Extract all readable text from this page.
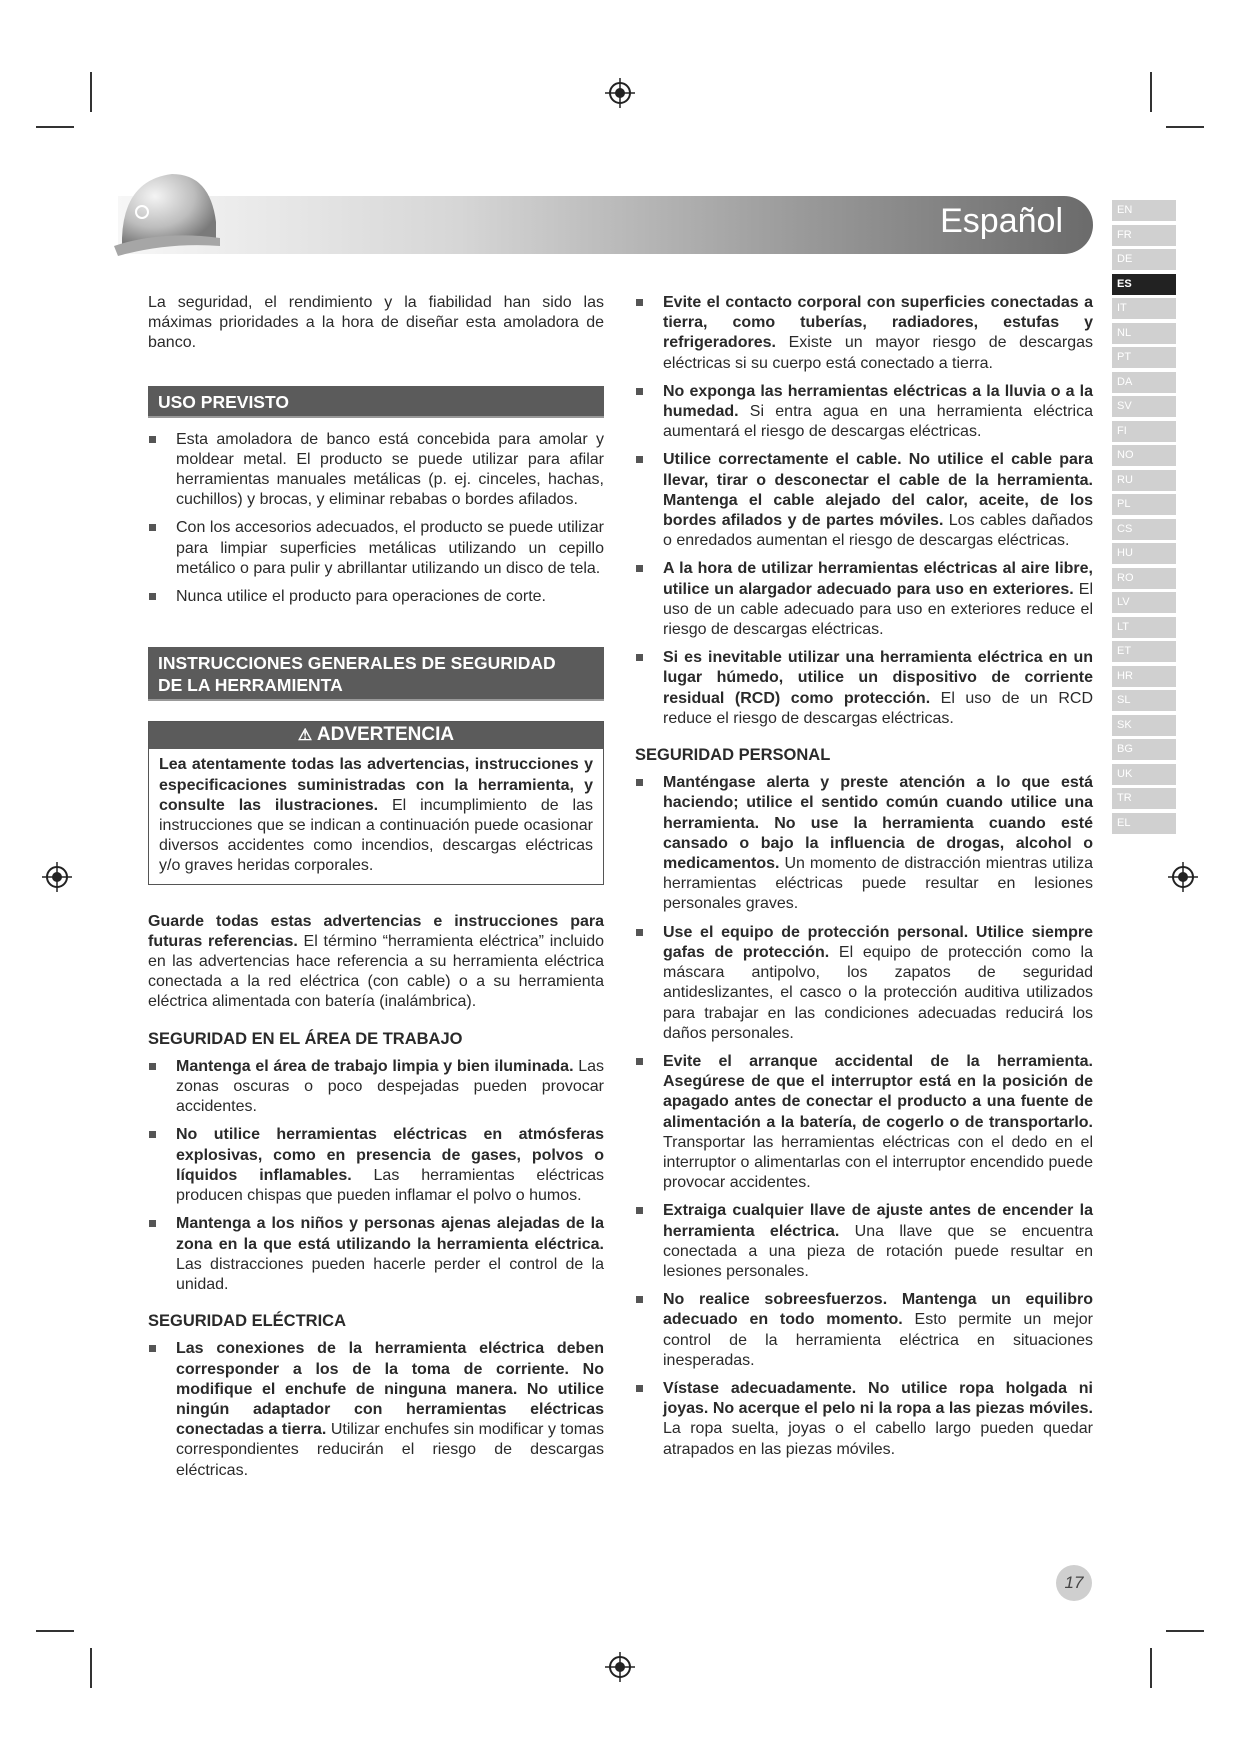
Español	EN
FR
DE
ES
IT
NL
PT
DA
SV
FI
NO
RU
PL
CS
HU
RO
LV
LT
ET
HR
SL
SK
BG
UK
TR
EL

La seguridad, el rendimiento y la fiabilidad han sido las máximas prioridades a la hora de diseñar esta amoladora de banco.

USO PREVISTO
Esta amoladora de banco está concebida para amolar y moldear metal. El producto se puede utilizar para afilar herramientas manuales metálicas (p. ej. cinceles, hachas, cuchillos) y brocas, y eliminar rebabas o bordes afilados.
Con los accesorios adecuados, el producto se puede utilizar para limpiar superficies metálicas utilizando un cepillo metálico o para pulir y abrillantar utilizando un disco de tela.
Nunca utilice el producto para operaciones de corte.
INSTRUCCIONES GENERALES DE SEGURIDAD
DE LA HERRAMIENTA
⚠ ADVERTENCIA
Lea atentamente todas las advertencias, instrucciones y especificaciones suministradas con la herramienta, y consulte las ilustraciones. El incumplimiento de las instrucciones que se indican a continuación puede ocasionar diversos accidentes como incendios, descargas eléctricas y/o graves heridas corporales.

Guarde todas estas advertencias e instrucciones para futuras referencias. El término “herramienta eléctrica” incluido en las advertencias hace referencia a su herramienta eléctrica conectada a la red eléctrica (con cable) o a su herramienta eléctrica alimentada con batería (inalámbrica).

SEGURIDAD EN EL ÁREA DE TRABAJO

Mantenga el área de trabajo limpia y bien iluminada. Las zonas oscuras o poco despejadas pueden provocar accidentes.
No utilice herramientas eléctricas en atmósferas explosivas, como en presencia de gases, polvos o líquidos inflamables. Las herramientas eléctricas producen chispas que pueden inflamar el polvo o humos.
Mantenga a los niños y personas ajenas alejadas de la zona en la que está utilizando la herramienta eléctrica. Las distracciones pueden hacerle perder el control de la unidad.

SEGURIDAD ELÉCTRICA

Las conexiones de la herramienta eléctrica deben corresponder a los de la toma de corriente. No modifique el enchufe de ninguna manera. No utilice ningún adaptador con herramientas eléctricas conectadas a tierra. Utilizar enchufes sin modificar y tomas correspondientes reducirán el riesgo de descargas eléctricas.
Evite el contacto corporal con superficies conectadas a tierra, como tuberías, radiadores, estufas y refrigeradores. Existe un mayor riesgo de descargas eléctricas si su cuerpo está conectado a tierra.
No exponga las herramientas eléctricas a la lluvia o a la humedad. Si entra agua en una herramienta eléctrica aumentará el riesgo de descargas eléctricas.
Utilice correctamente el cable. No utilice el cable para llevar, tirar o desconectar el cable de la herramienta. Mantenga el cable alejado del calor, aceite, de los bordes afilados y de partes móviles. Los cables dañados o enredados aumentan el riesgo de descargas eléctricas.
A la hora de utilizar herramientas eléctricas al aire libre, utilice un alargador adecuado para uso en exteriores. El uso de un cable adecuado para uso en exteriores reduce el riesgo de descargas eléctricas.
Si es inevitable utilizar una herramienta eléctrica en un lugar húmedo, utilice un dispositivo de corriente residual (RCD) como protección. El uso de un RCD reduce el riesgo de descargas eléctricas.

SEGURIDAD PERSONAL

Manténgase alerta y preste atención a lo que está haciendo; utilice el sentido común cuando utilice una herramienta. No use la herramienta cuando esté cansado o bajo la influencia de drogas, alcohol o medicamentos. Un momento de distracción mientras utiliza herramientas eléctricas puede resultar en lesiones personales graves.
Use el equipo de protección personal. Utilice siempre gafas de protección. El equipo de protección como la máscara antipolvo, los zapatos de seguridad antideslizantes, el casco o la protección auditiva utilizados para trabajar en las condiciones adecuadas reducirá los daños personales.
Evite el arranque accidental de la herramienta. Asegúrese de que el interruptor está en la posición de apagado antes de conectar el producto a una fuente de alimentación a la batería, de cogerlo o de transportarlo. Transportar las herramientas eléctricas con el dedo en el interruptor o alimentarlas con el interruptor encendido puede provocar accidentes.
Extraiga cualquier llave de ajuste antes de encender la herramienta eléctrica. Una llave que se encuentra conectada a una pieza de rotación puede resultar en lesiones personales.
No realice sobreesfuerzos. Mantenga un equilibro adecuado en todo momento. Esto permite un mejor control de la herramienta eléctrica en situaciones inesperadas.
Vístase adecuadamente. No utilice ropa holgada ni joyas. No acerque el pelo ni la ropa a las piezas móviles. La ropa suelta, joyas o el cabello largo pueden quedar atrapados en las piezas móviles.
17
